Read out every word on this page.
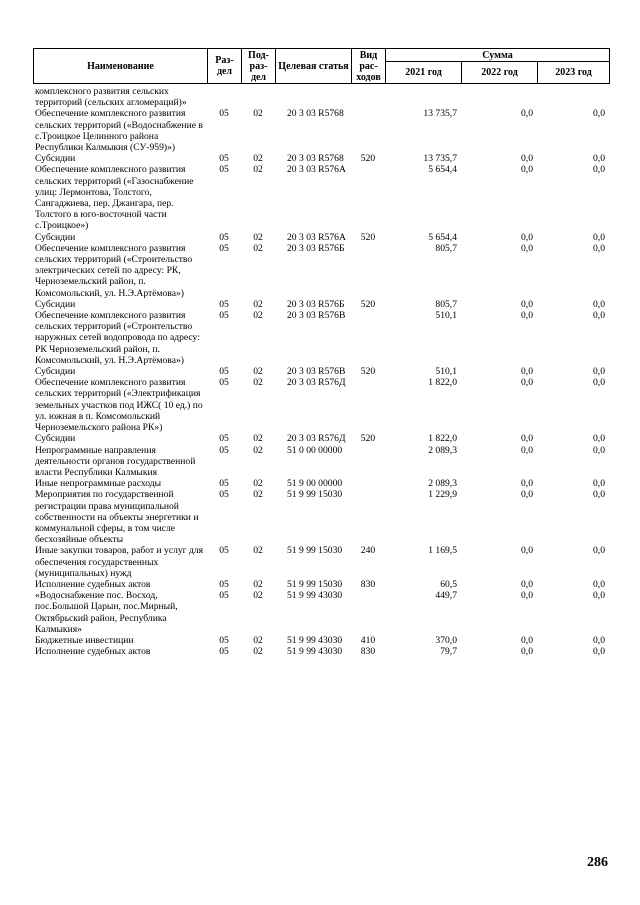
Наименование	Раз-дел	Под-раз-дел	Целевая статья	Вид рас-ходов	Сумма		
					2021 год	2022 год	2023 год
комплексного развития сельских территорий (сельских агломераций)»							
Обеспечение комплексного развития сельских территорий («Водоснабжение в с.Троицкое Целинного района Республики Калмыкия (СУ-959)»)	05	02	20 3 03 R5768		13 735,7	0,0	0,0
Субсидии	05	02	20 3 03 R5768	520	13 735,7	0,0	0,0
Обеспечение комплексного развития сельских территорий («Газоснабжение улиц: Лермонтова, Толстого, Сангаджиева, пер. Джангара, пер. Толстого в юго-восточной части с.Троицкое»)	05	02	20 3 03 R576А		5 654,4	0,0	0,0
Субсидии	05	02	20 3 03 R576А	520	5 654,4	0,0	0,0
Обеспечение комплексного развития сельских территорий («Строительство электрических сетей по адресу: РК, Черноземельский район, п. Комсомольский, ул. Н.Э.Артёмова»)	05	02	20 3 03 R576Б		805,7	0,0	0,0
Субсидии	05	02	20 3 03 R576Б	520	805,7	0,0	0,0
Обеспечение комплексного развития сельских территорий («Строительство наружных сетей водопровода по адресу: РК Черноземельский район, п. Комсомольский, ул. Н.Э.Артёмова»)	05	02	20 3 03 R576В		510,1	0,0	0,0
Субсидии	05	02	20 3 03 R576В	520	510,1	0,0	0,0
Обеспечение комплексного развития сельских территорий («Электрификация земельных участков под ИЖС( 10 ед.) по ул. южная в п. Комсомольский Черноземельского района РК»)	05	02	20 3 03 R576Д		1 822,0	0,0	0,0
Субсидии	05	02	20 3 03 R576Д	520	1 822,0	0,0	0,0
Непрограммные направления деятельности органов государственной власти Республики Калмыкия	05	02	51 0 00 00000		2 089,3	0,0	0,0
Иные непрограммные расходы	05	02	51 9 00 00000		2 089,3	0,0	0,0
Мероприятия по государственной регистрации права муниципальной собственности на объекты энергетики и коммунальной сферы, в том числе бесхозяйные объекты	05	02	51 9 99 15030		1 229,9	0,0	0,0
Иные закупки товаров, работ и услуг для обеспечения государственных (муниципальных) нужд	05	02	51 9 99 15030	240	1 169,5	0,0	0,0
Исполнение судебных актов	05	02	51 9 99 15030	830	60,5	0,0	0,0
«Водоснабжение пос. Восход, пос.Большой Царын, пос.Мирный, Октябрьский район, Республика Калмыкия»	05	02	51 9 99 43030		449,7	0,0	0,0
Бюджетные инвестиции	05	02	51 9 99 43030	410	370,0	0,0	0,0
Исполнение судебных актов	05	02	51 9 99 43030	830	79,7	0,0	0,0
286
